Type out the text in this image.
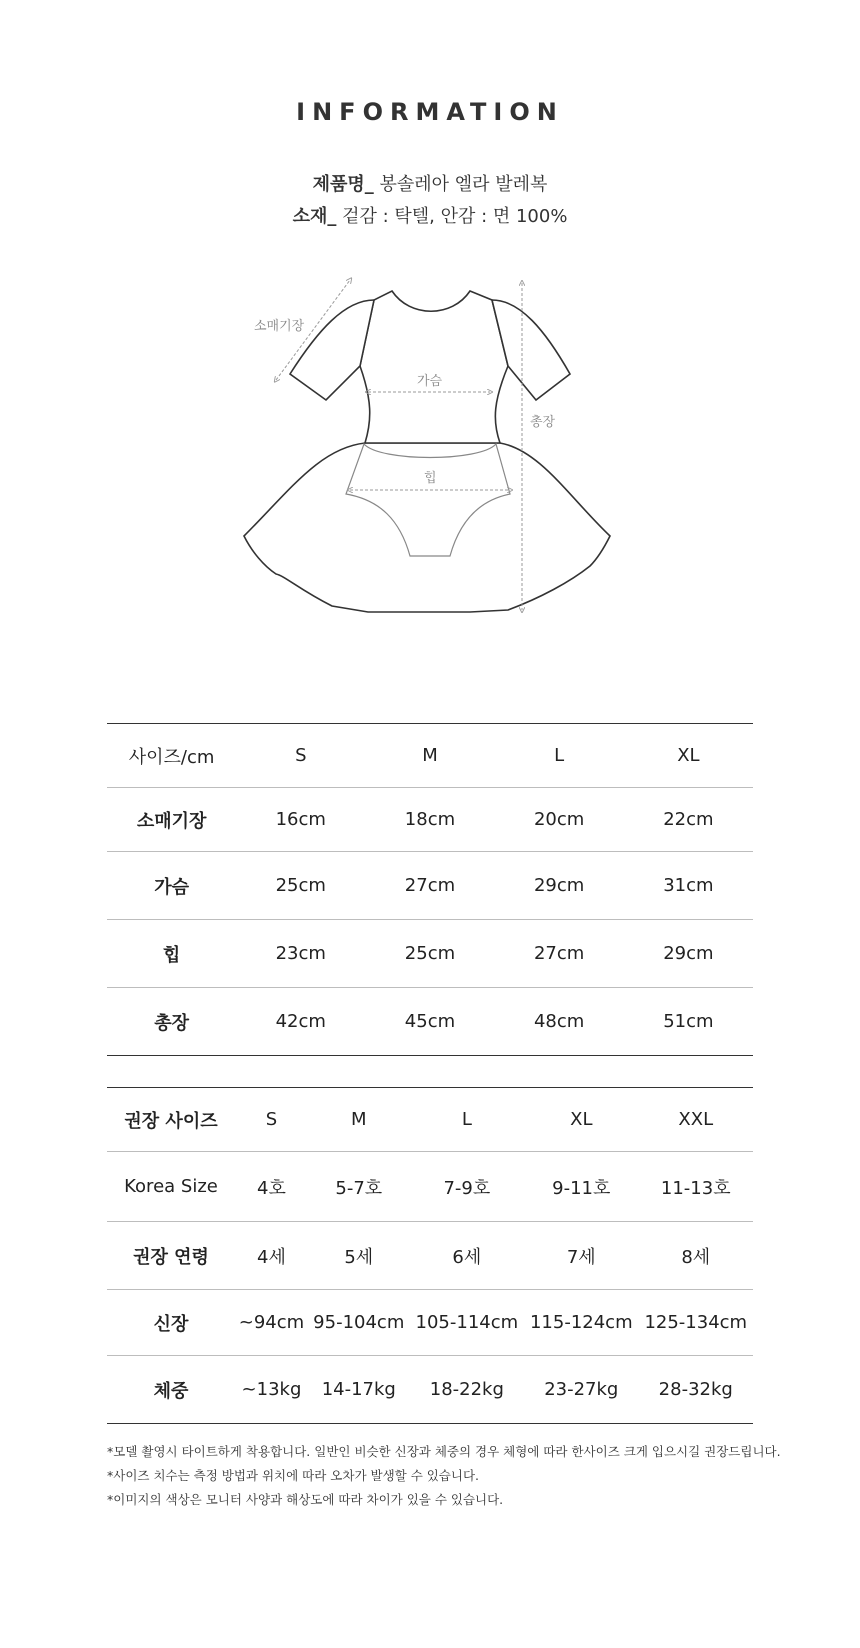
INFORMATION
제품명_ 봉솔레아 엘라 발레복
소재_ 겉감 : 탁텔, 안감 : 면 100%
소매기장
가슴
힙
총장
사이즈/cm	S	M	L	XL
소매기장	16cm	18cm	20cm	22cm
가슴	25cm	27cm	29cm	31cm
힙	23cm	25cm	27cm	29cm
총장	42cm	45cm	48cm	51cm
권장 사이즈	S	M	L	XL	XXL
Korea Size	4호	5-7호	7-9호	9-11호	11-13호
권장 연령	4세	5세	6세	7세	8세
신장	~94cm	95-104cm	105-114cm	115-124cm	125-134cm
체중	~13kg	14-17kg	18-22kg	23-27kg	28-32kg
*모델 촬영시 타이트하게 착용합니다. 일반인 비슷한 신장과 체중의 경우 체형에 따라 한사이즈 크게 입으시길 권장드립니다.
*사이즈 치수는 측정 방법과 위치에 따라 오차가 발생할 수 있습니다.
*이미지의 색상은 모니터 사양과 해상도에 따라 차이가 있을 수 있습니다.
